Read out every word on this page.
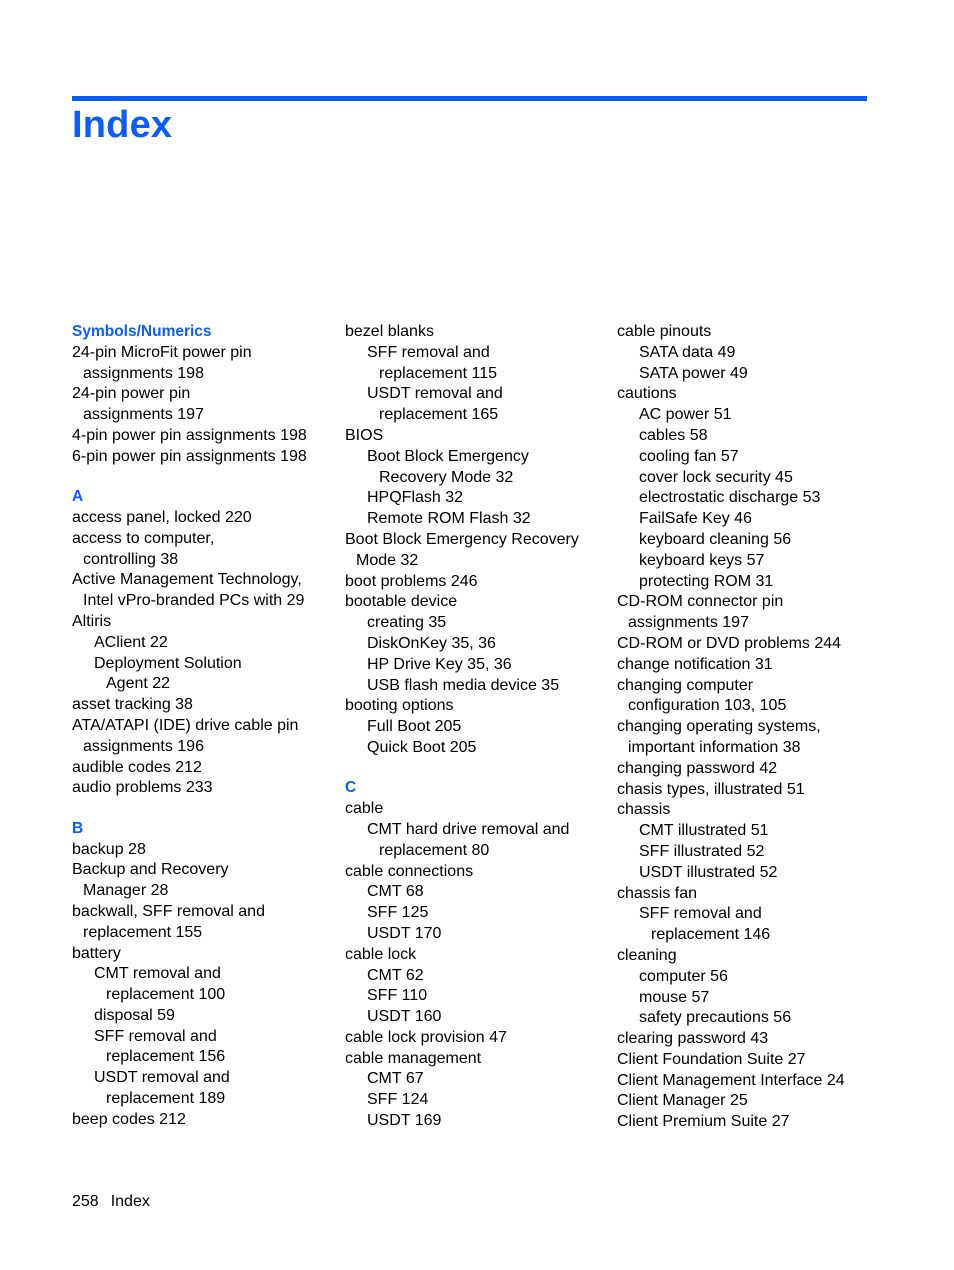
Index
Symbols/Numerics
24-pin MicroFit power pin
assignments 198
24-pin power pin
assignments 197
4-pin power pin assignments 198
6-pin power pin assignments 198
A
access panel, locked 220
access to computer,
controlling 38
Active Management Technology,
Intel vPro-branded PCs with 29
Altiris
AClient 22
Deployment Solution
Agent 22
asset tracking 38
ATA/ATAPI (IDE) drive cable pin
assignments 196
audible codes 212
audio problems 233
B
backup 28
Backup and Recovery
Manager 28
backwall, SFF removal and
replacement 155
battery
CMT removal and
replacement 100
disposal 59
SFF removal and
replacement 156
USDT removal and
replacement 189
beep codes 212
bezel blanks
SFF removal and
replacement 115
USDT removal and
replacement 165
BIOS
Boot Block Emergency
Recovery Mode 32
HPQFlash 32
Remote ROM Flash 32
Boot Block Emergency Recovery
Mode 32
boot problems 246
bootable device
creating 35
DiskOnKey 35, 36
HP Drive Key 35, 36
USB flash media device 35
booting options
Full Boot 205
Quick Boot 205
C
cable
CMT hard drive removal and
replacement 80
cable connections
CMT 68
SFF 125
USDT 170
cable lock
CMT 62
SFF 110
USDT 160
cable lock provision 47
cable management
CMT 67
SFF 124
USDT 169
cable pinouts
SATA data 49
SATA power 49
cautions
AC power 51
cables 58
cooling fan 57
cover lock security 45
electrostatic discharge 53
FailSafe Key 46
keyboard cleaning 56
keyboard keys 57
protecting ROM 31
CD-ROM connector pin
assignments 197
CD-ROM or DVD problems 244
change notification 31
changing computer
configuration 103, 105
changing operating systems,
important information 38
changing password 42
chasis types, illustrated 51
chassis
CMT illustrated 51
SFF illustrated 52
USDT illustrated 52
chassis fan
SFF removal and
replacement 146
cleaning
computer 56
mouse 57
safety precautions 56
clearing password 43
Client Foundation Suite 27
Client Management Interface 24
Client Manager 25
Client Premium Suite 27
258 Index
